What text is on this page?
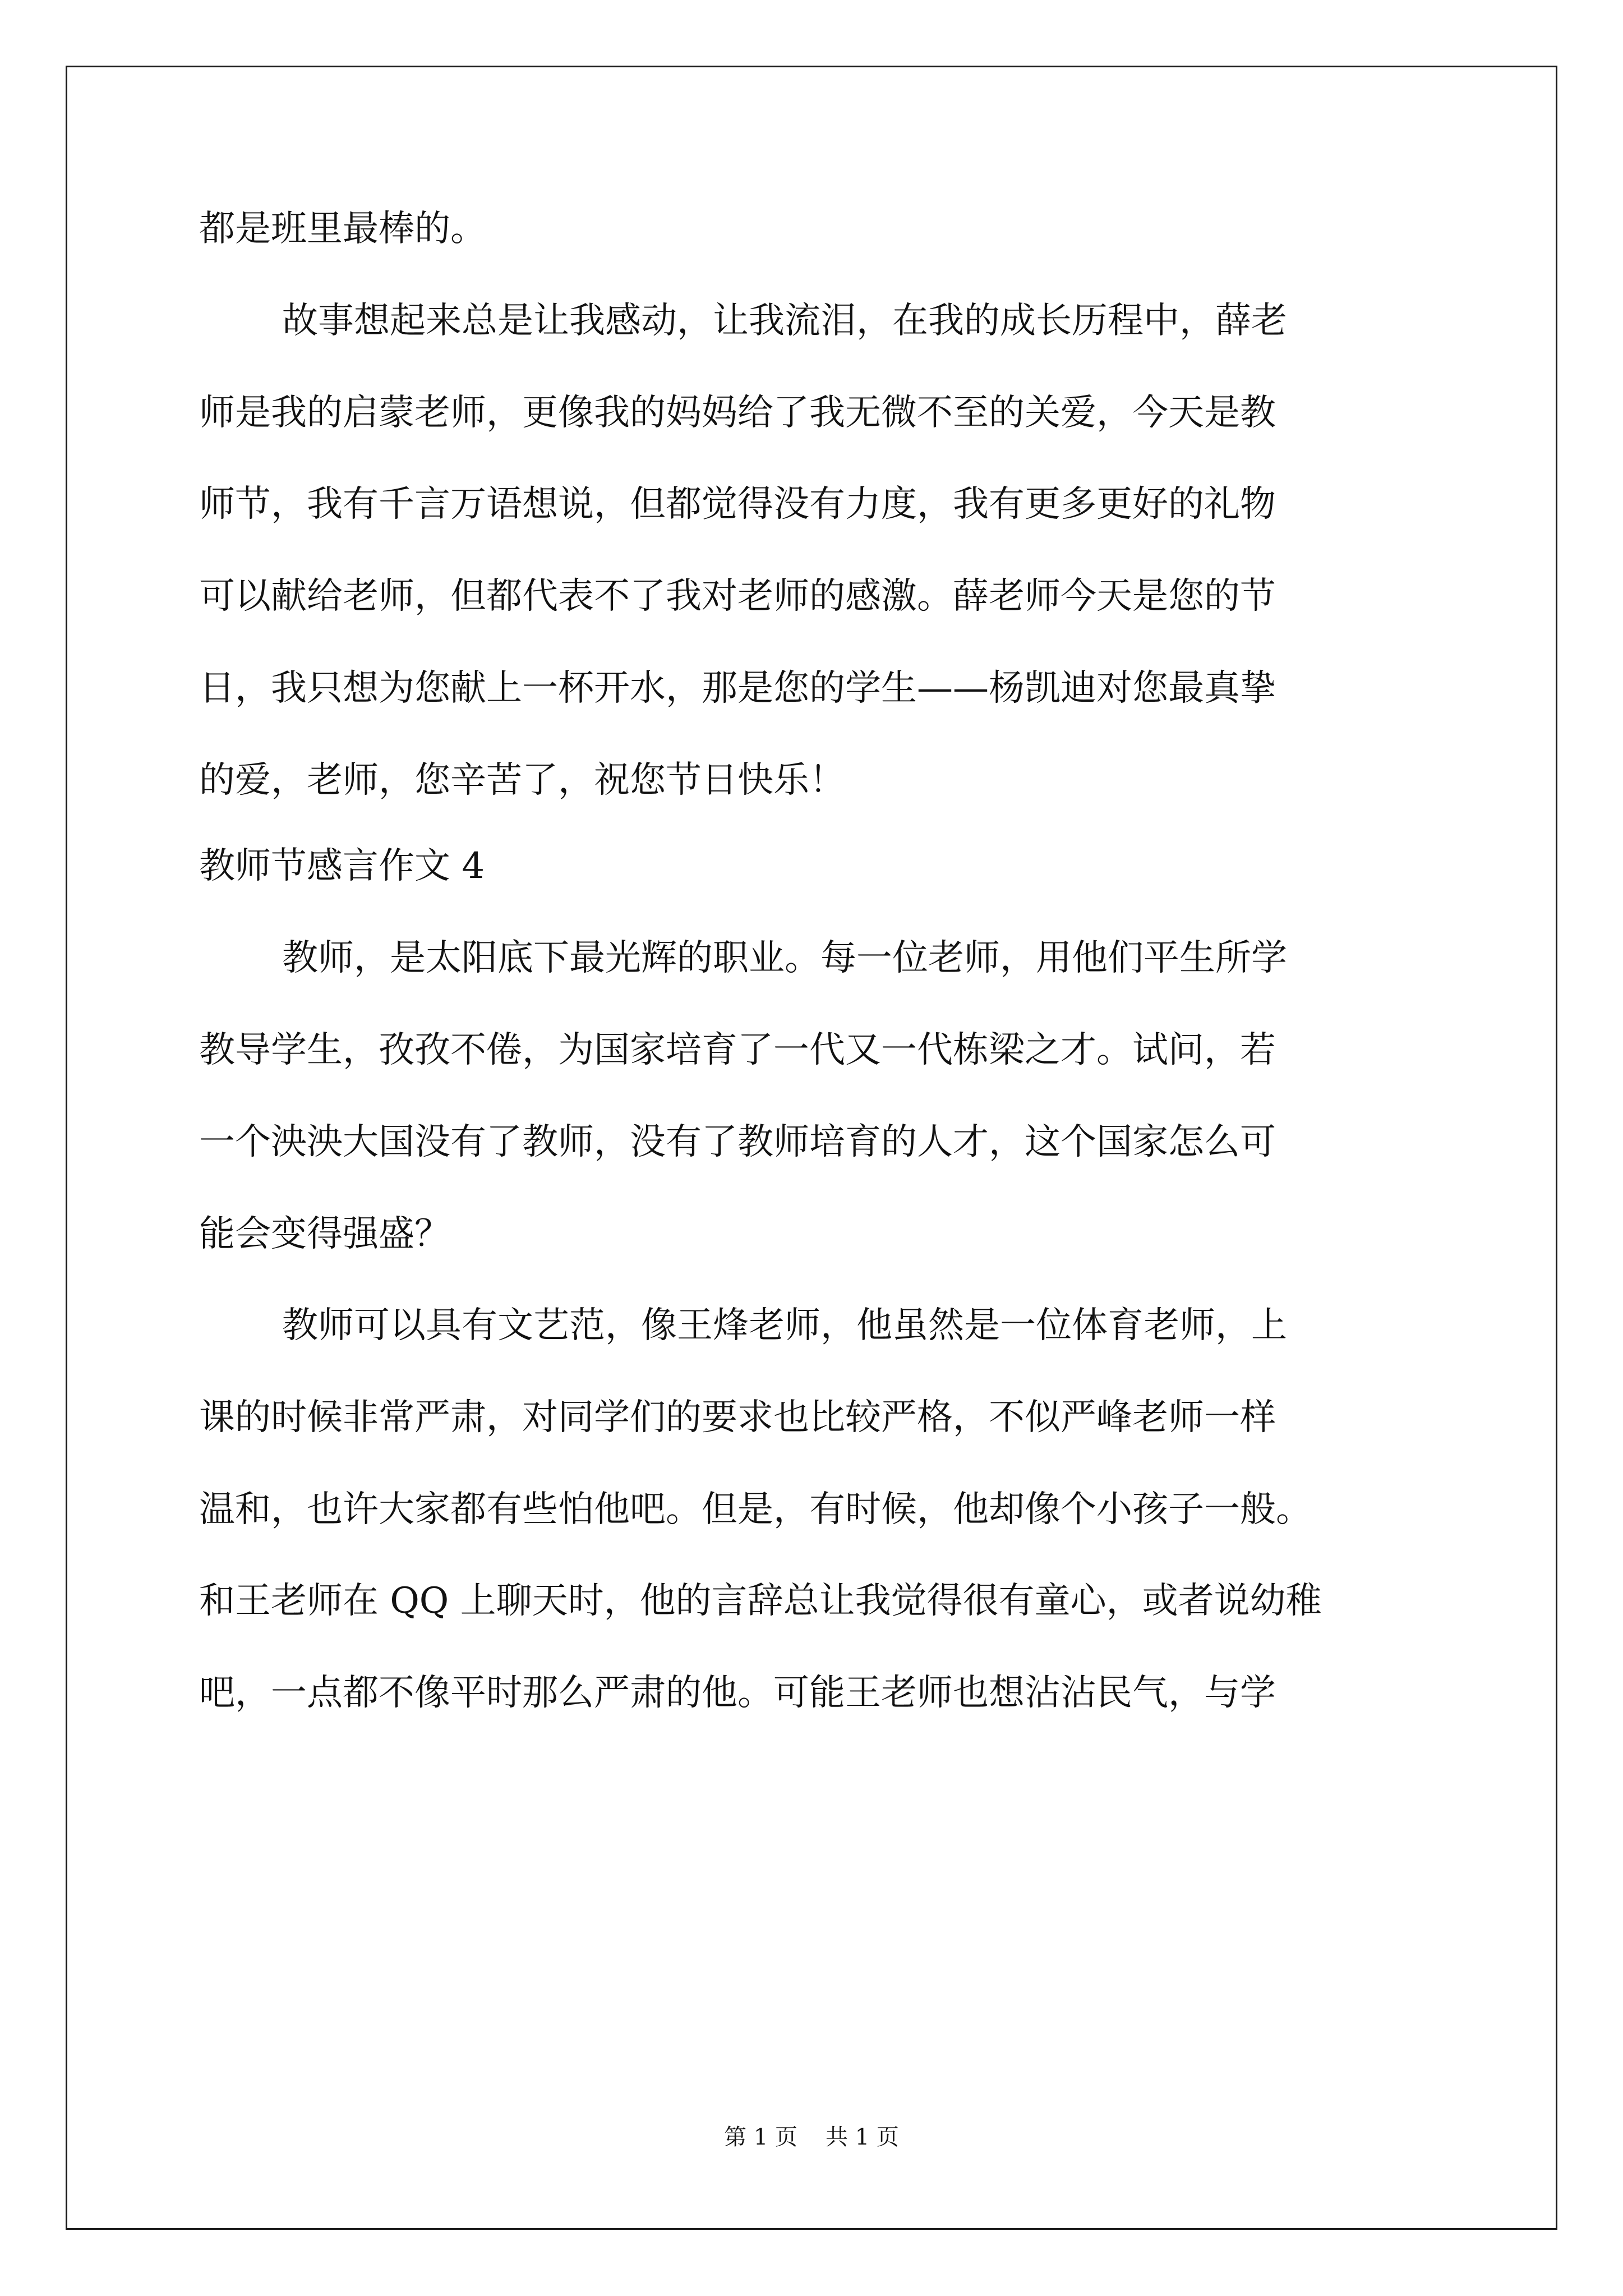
都是班里最棒的。
故事想起来总是让我感动，让我流泪，在我的成长历程中，薛老
师是我的启蒙老师，更像我的妈妈给了我无微不至的关爱，今天是教
师节，我有千言万语想说，但都觉得没有力度，我有更多更好的礼物
可以献给老师，但都代表不了我对老师的感激。薛老师今天是您的节
日，我只想为您献上一杯开水，那是您的学生——杨凯迪对您最真挚
的爱，老师，您辛苦了，祝您节日快乐！
教师节感言作文 4
教师，是太阳底下最光辉的职业。每一位老师，用他们平生所学
教导学生，孜孜不倦，为国家培育了一代又一代栋梁之才。试问，若
一个泱泱大国没有了教师，没有了教师培育的人才，这个国家怎么可
能会变得强盛？
教师可以具有文艺范，像王烽老师，他虽然是一位体育老师，上
课的时候非常严肃，对同学们的要求也比较严格，不似严峰老师一样
温和，也许大家都有些怕他吧。但是，有时候，他却像个小孩子一般。
和王老师在 QQ 上聊天时，他的言辞总让我觉得很有童心，或者说幼稚
吧，一点都不像平时那么严肃的他。可能王老师也想沾沾民气，与学
第 1 页 共 1 页
